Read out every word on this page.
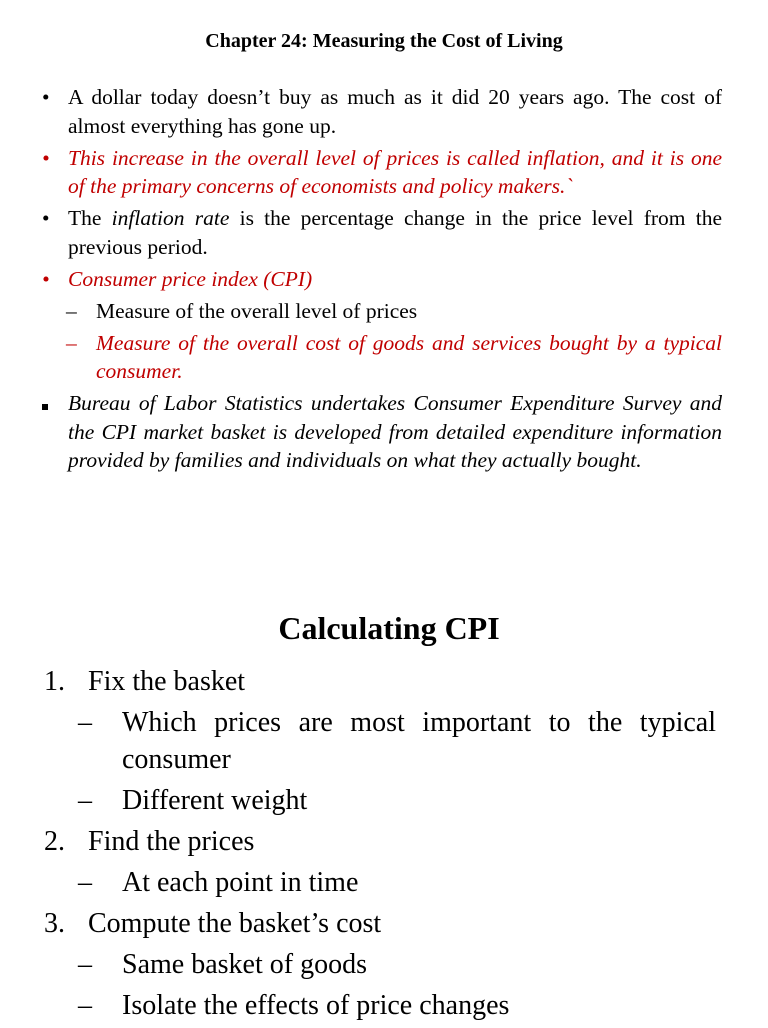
Chapter 24: Measuring the Cost of Living
• A dollar today doesn’t buy as much as it did 20 years ago. The cost of almost everything has gone up.
• This increase in the overall level of prices is called inflation, and it is one of the primary concerns of economists and policy makers.`
• The inflation rate is the percentage change in the price level from the previous period.
• Consumer price index (CPI)
– Measure of the overall level of prices
– Measure of the overall cost of goods and services bought by a typical consumer.
Bureau of Labor Statistics undertakes Consumer Expenditure Survey and the CPI market basket is developed from detailed expenditure information provided by families and individuals on what they actually bought.
Calculating CPI
1. Fix the basket
– Which prices are most important to the typical consumer
– Different weight
2. Find the prices
– At each point in time
3. Compute the basket’s cost
– Same basket of goods
– Isolate the effects of price changes
